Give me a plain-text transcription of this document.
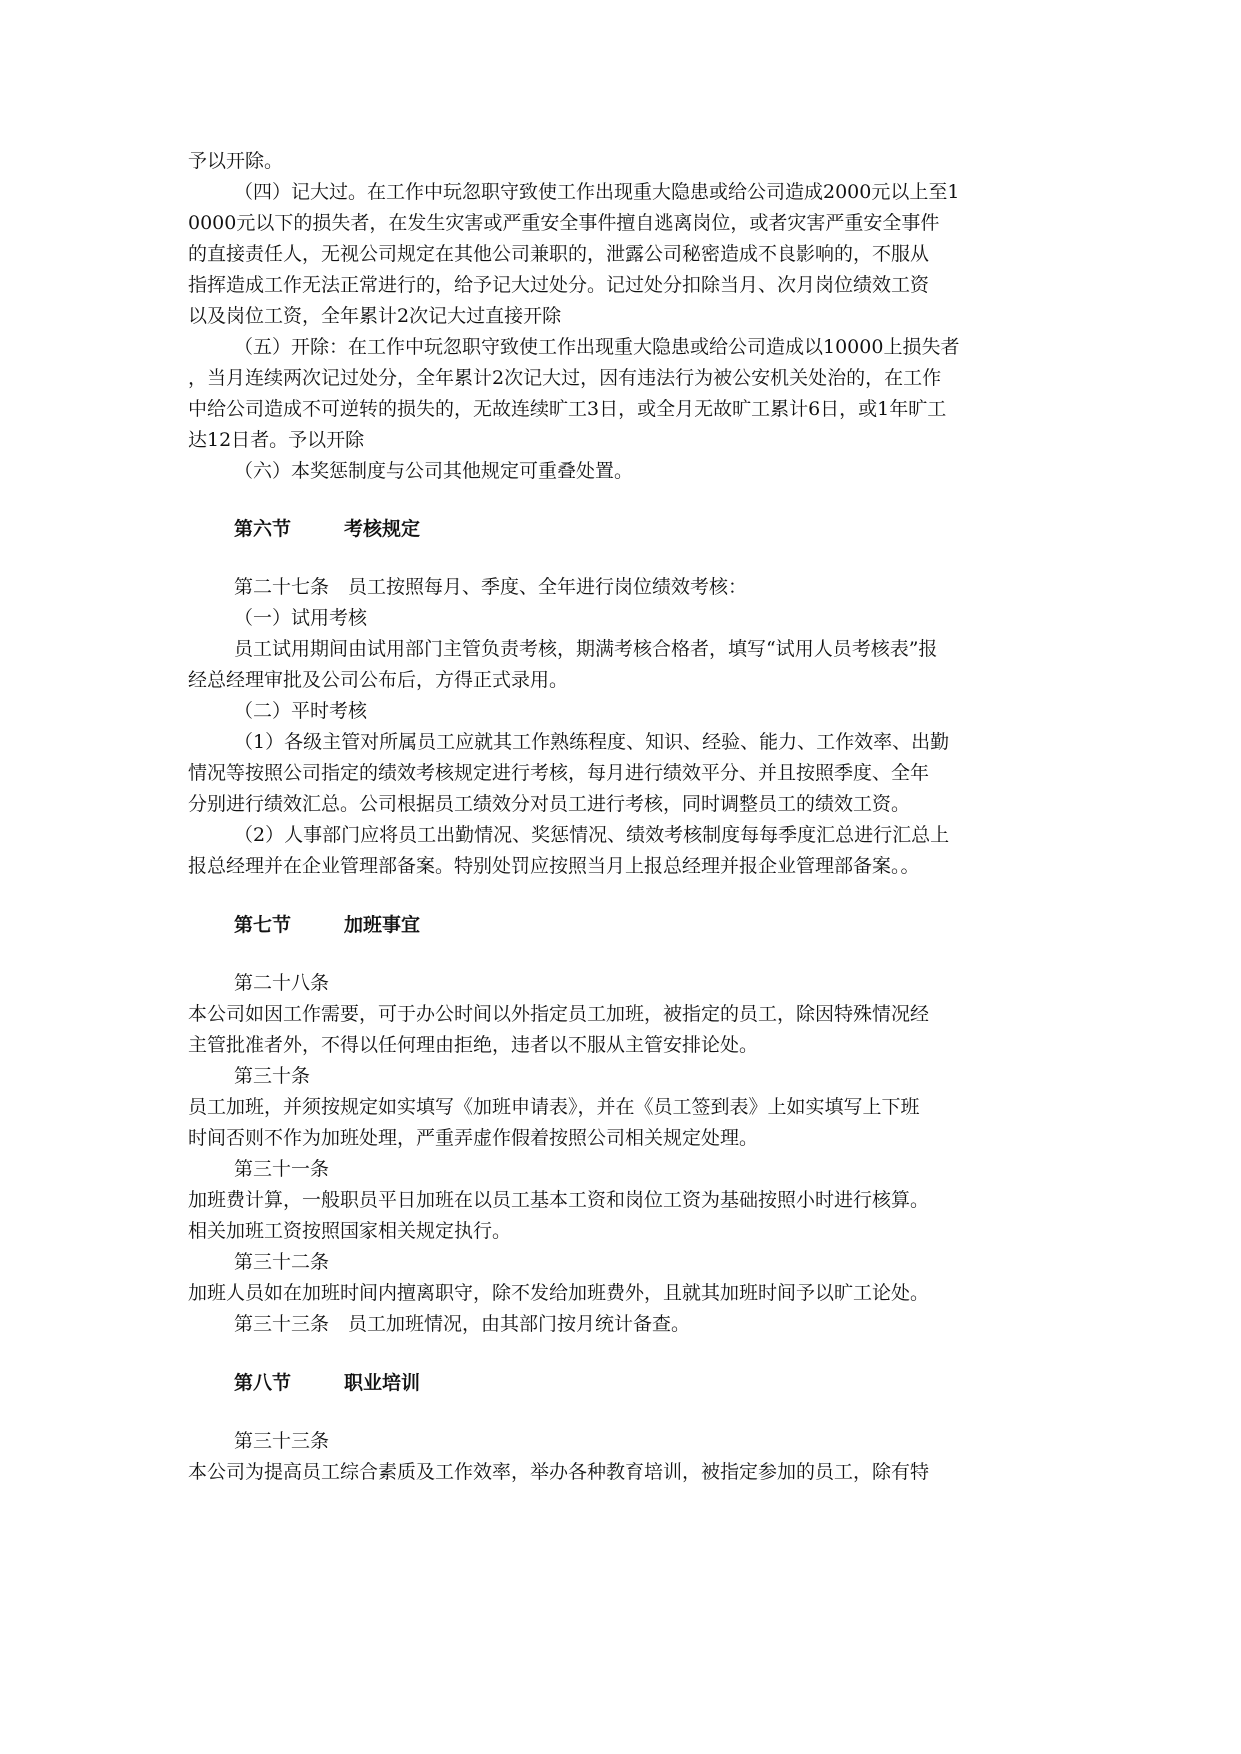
予以开除。
（四）记大过。在工作中玩忽职守致使工作出现重大隐患或给公司造成2000元以上至1
0000元以下的损失者，在发生灾害或严重安全事件擅自逃离岗位，或者灾害严重安全事件
的直接责任人，无视公司规定在其他公司兼职的，泄露公司秘密造成不良影响的，不服从
指挥造成工作无法正常进行的，给予记大过处分。记过处分扣除当月、次月岗位绩效工资
以及岗位工资，全年累计2次记大过直接开除
（五）开除：在工作中玩忽职守致使工作出现重大隐患或给公司造成以10000上损失者
，当月连续两次记过处分，全年累计2次记大过，因有违法行为被公安机关处治的，在工作
中给公司造成不可逆转的损失的，无故连续旷工3日，或全月无故旷工累计6日，或1年旷工
达12日者。予以开除
（六）本奖惩制度与公司其他规定可重叠处置。
第六节	考核规定
第二十七条　员工按照每月、季度、全年进行岗位绩效考核：
（一）试用考核
员工试用期间由试用部门主管负责考核，期满考核合格者，填写“试用人员考核表”报
经总经理审批及公司公布后，方得正式录用。
（二）平时考核
（1）各级主管对所属员工应就其工作熟练程度、知识、经验、能力、工作效率、出勤
情况等按照公司指定的绩效考核规定进行考核，每月进行绩效平分、并且按照季度、全年
分别进行绩效汇总。公司根据员工绩效分对员工进行考核，同时调整员工的绩效工资。
（2）人事部门应将员工出勤情况、奖惩情况、绩效考核制度每每季度汇总进行汇总上
报总经理并在企业管理部备案。特别处罚应按照当月上报总经理并报企业管理部备案。。
第七节	加班事宜
第二十八条
本公司如因工作需要，可于办公时间以外指定员工加班，被指定的员工，除因特殊情况经
主管批准者外，不得以任何理由拒绝，违者以不服从主管安排论处。
第三十条
员工加班，并须按规定如实填写《加班申请表》，并在《员工签到表》上如实填写上下班
时间否则不作为加班处理，严重弄虚作假着按照公司相关规定处理。
第三十一条
加班费计算，一般职员平日加班在以员工基本工资和岗位工资为基础按照小时进行核算。
相关加班工资按照国家相关规定执行。
第三十二条
加班人员如在加班时间内擅离职守，除不发给加班费外，且就其加班时间予以旷工论处。
第三十三条　员工加班情况，由其部门按月统计备查。
第八节	职业培训
第三十三条
本公司为提高员工综合素质及工作效率，举办各种教育培训，被指定参加的员工，除有特
